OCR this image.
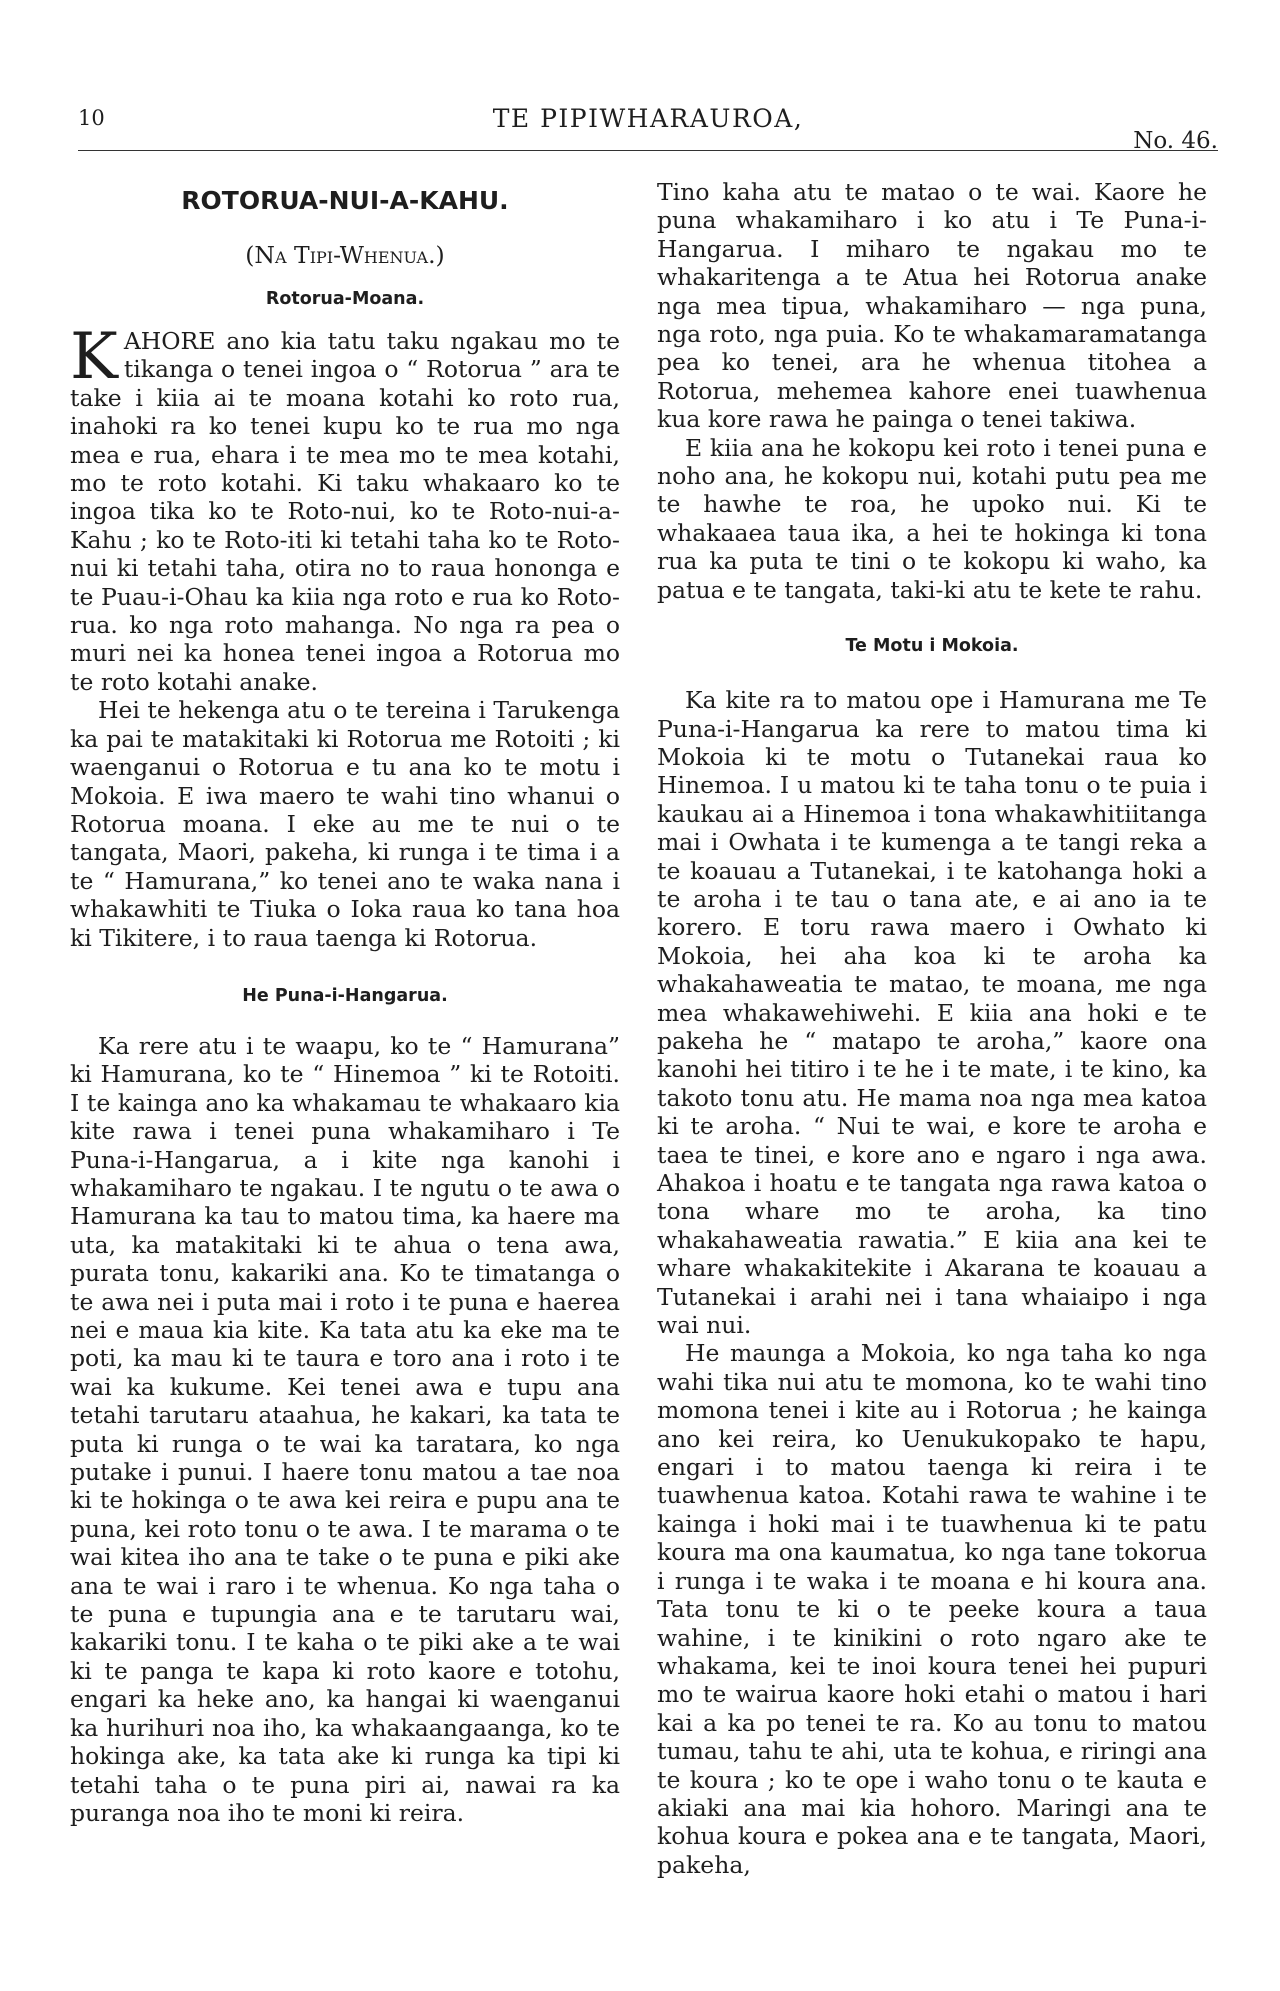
10	TE PIPIWHARAUROA,
No. 46.
ROTORUA-NUI-A-KAHU.
(Na Tipi-Whenua.)
Rotorua-Moana.

KAHORE ano kia tatu taku ngakau mo te tikanga o tenei ingoa o “ Rotorua ” ara te take i kiia ai te moana kotahi ko roto rua, inahoki ra ko tenei kupu ko te rua mo nga mea e rua, ehara i te mea mo te mea kotahi, mo te roto kotahi. Ki taku whakaaro ko te ingoa tika ko te Roto-nui, ko te Roto-nui-a-Kahu ; ko te Roto-iti ki tetahi taha ko te Roto-nui ki tetahi taha, otira no to raua hononga e te Puau-i-Ohau ka kiia nga roto e rua ko Roto-rua. ko nga roto mahanga. No nga ra pea o muri nei ka honea tenei ingoa a Rotorua mo te roto kotahi anake.

Hei te hekenga atu o te tereina i Tarukenga ka pai te matakitaki ki Rotorua me Rotoiti ; ki waenganui o Rotorua e tu ana ko te motu i Mokoia. E iwa maero te wahi tino whanui o Rotorua moana. I eke au me te nui o te tangata, Maori, pakeha, ki runga i te tima i a te “ Hamurana,” ko tenei ano te waka nana i whakawhiti te Tiuka o Ioka raua ko tana hoa ki Tikitere, i to raua taenga ki Rotorua.

He Puna-i-Hangarua.

Ka rere atu i te waapu, ko te “ Hamurana” ki Hamurana, ko te “ Hinemoa ” ki te Rotoiti. I te kainga ano ka whakamau te whakaaro kia kite rawa i tenei puna whakamiharo i Te Puna-i-Hangarua, a i kite nga kanohi i whakamiharo te ngakau. I te ngutu o te awa o Hamurana ka tau to matou tima, ka haere ma uta, ka matakitaki ki te ahua o tena awa, purata tonu, kakariki ana. Ko te timatanga o te awa nei i puta mai i roto i te puna e haerea nei e maua kia kite. Ka tata atu ka eke ma te poti, ka mau ki te taura e toro ana i roto i te wai ka kukume. Kei tenei awa e tupu ana tetahi tarutaru ataahua, he kakari, ka tata te puta ki runga o te wai ka taratara, ko nga putake i punui. I haere tonu matou a tae noa ki te hokinga o te awa kei reira e pupu ana te puna, kei roto tonu o te awa. I te marama o te wai kitea iho ana te take o te puna e piki ake ana te wai i raro i te whenua. Ko nga taha o te puna e tupungia ana e te tarutaru wai, kakariki tonu. I te kaha o te piki ake a te wai ki te panga te kapa ki roto kaore e totohu, engari ka heke ano, ka hangai ki waenganui ka hurihuri noa iho, ka whakaangaanga, ko te hokinga ake, ka tata ake ki runga ka tipi ki tetahi taha o te puna piri ai, nawai ra ka puranga noa iho te moni ki reira.

Tino kaha atu te matao o te wai. Kaore he puna whakamiharo i ko atu i Te Puna-i-Hangarua. I miharo te ngakau mo te whakaritenga a te Atua hei Rotorua anake nga mea tipua, whakamiharo — nga puna, nga roto, nga puia. Ko te whakamaramatanga pea ko tenei, ara he whenua titohea a Rotorua, mehemea kahore enei tuawhenua kua kore rawa he painga o tenei takiwa.

E kiia ana he kokopu kei roto i tenei puna e noho ana, he kokopu nui, kotahi putu pea me te hawhe te roa, he upoko nui. Ki te whakaaea taua ika, a hei te hokinga ki tona rua ka puta te tini o te kokopu ki waho, ka patua e te tangata, taki-ki atu te kete te rahu.

Te Motu i Mokoia.

Ka kite ra to matou ope i Hamurana me Te Puna-i-Hangarua ka rere to matou tima ki Mokoia ki te motu o Tutanekai raua ko Hinemoa. I u matou ki te taha tonu o te puia i kaukau ai a Hinemoa i tona whakawhitiitanga mai i Owhata i te kumenga a te tangi reka a te koauau a Tutanekai, i te katohanga hoki a te aroha i te tau o tana ate, e ai ano ia te korero. E toru rawa maero i Owhato ki Mokoia, hei aha koa ki te aroha ka whakahaweatia te matao, te moana, me nga mea whakawehiwehi. E kiia ana hoki e te pakeha he “ matapo te aroha,” kaore ona kanohi hei titiro i te he i te mate, i te kino, ka takoto tonu atu. He mama noa nga mea katoa ki te aroha. “ Nui te wai, e kore te aroha e taea te tinei, e kore ano e ngaro i nga awa. Ahakoa i hoatu e te tangata nga rawa katoa o tona whare mo te aroha, ka tino whakahaweatia rawatia.” E kiia ana kei te whare whakakitekite i Akarana te koauau a Tutanekai i arahi nei i tana whaiaipo i nga wai nui.

He maunga a Mokoia, ko nga taha ko nga wahi tika nui atu te momona, ko te wahi tino momona tenei i kite au i Rotorua ; he kainga ano kei reira, ko Uenukukopako te hapu, engari i to matou taenga ki reira i te tuawhenua katoa. Kotahi rawa te wahine i te kainga i hoki mai i te tuawhenua ki te patu koura ma ona kaumatua, ko nga tane tokorua i runga i te waka i te moana e hi koura ana. Tata tonu te ki o te peeke koura a taua wahine, i te kinikini o roto ngaro ake te whakama, kei te inoi koura tenei hei pupuri mo te wairua kaore hoki etahi o matou i hari kai a ka po tenei te ra. Ko au tonu to matou tumau, tahu te ahi, uta te kohua, e riringi ana te koura ; ko te ope i waho tonu o te kauta e akiaki ana mai kia hohoro. Maringi ana te kohua koura e pokea ana e te tangata, Maori, pakeha,
